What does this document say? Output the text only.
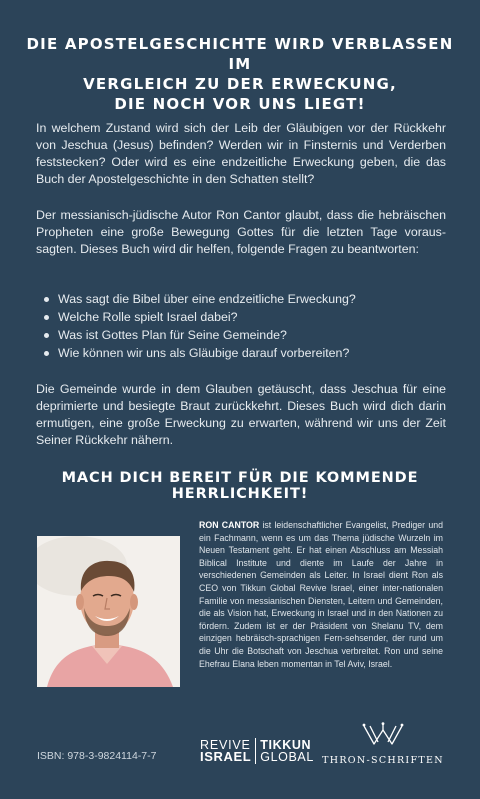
DIE APOSTELGESCHICHTE WIRD VERBLASSEN IM
VERGLEICH ZU DER ERWECKUNG,
DIE NOCH VOR UNS LIEGT!

In welchem Zustand wird sich der Leib der Gläubigen vor der Rückkehr von Jeschua (Jesus) befinden? Werden wir in Finsternis und Verderben feststecken? Oder wird es eine endzeitliche Erweckung geben, die das Buch der Apostelgeschichte in den Schatten stellt?

Der messianisch-jüdische Autor Ron Cantor glaubt, dass die hebräischen Propheten eine große Bewegung Gottes für die letzten Tage voraus-sagten. Dieses Buch wird dir helfen, folgende Fragen zu beantworten:

Was sagt die Bibel über eine endzeitliche Erweckung?
Welche Rolle spielt Israel dabei?
Was ist Gottes Plan für Seine Gemeinde?
Wie können wir uns als Gläubige darauf vorbereiten?

Die Gemeinde wurde in dem Glauben getäuscht, dass Jeschua für eine deprimierte und besiegte Braut zurückkehrt. Dieses Buch wird dich darin ermutigen, eine große Erweckung zu erwarten, während wir uns der Zeit Seiner Rückkehr nähern.

MACH DICH BEREIT FÜR DIE KOMMENDE HERRLICHKEIT!

RON CANTOR ist leidenschaftlicher Evangelist, Prediger und ein Fachmann, wenn es um das Thema jüdische Wurzeln im Neuen Testament geht. Er hat einen Abschluss am Messiah Biblical Institute und diente im Laufe der Jahre in verschiedenen Gemeinden als Leiter. In Israel dient Ron als CEO von Tikkun Global Revive Israel, einer inter-nationalen Familie von messianischen Diensten, Leitern und Gemeinden, die als Vision hat, Erweckung in Israel und in den Nationen zu fördern. Zudem ist er der Präsident von Shelanu TV, dem einzigen hebräisch-sprachigen Fern-sehsender, der rund um die Uhr die Botschaft von Jeschua verbreitet. Ron und seine Ehefrau Elana leben momentan in Tel Aviv, Israel.

ISBN: 978-3-9824114-7-7
REVIVE
ISRAEL
TIKKUN
GLOBAL THRON-SCHRIFTEN
